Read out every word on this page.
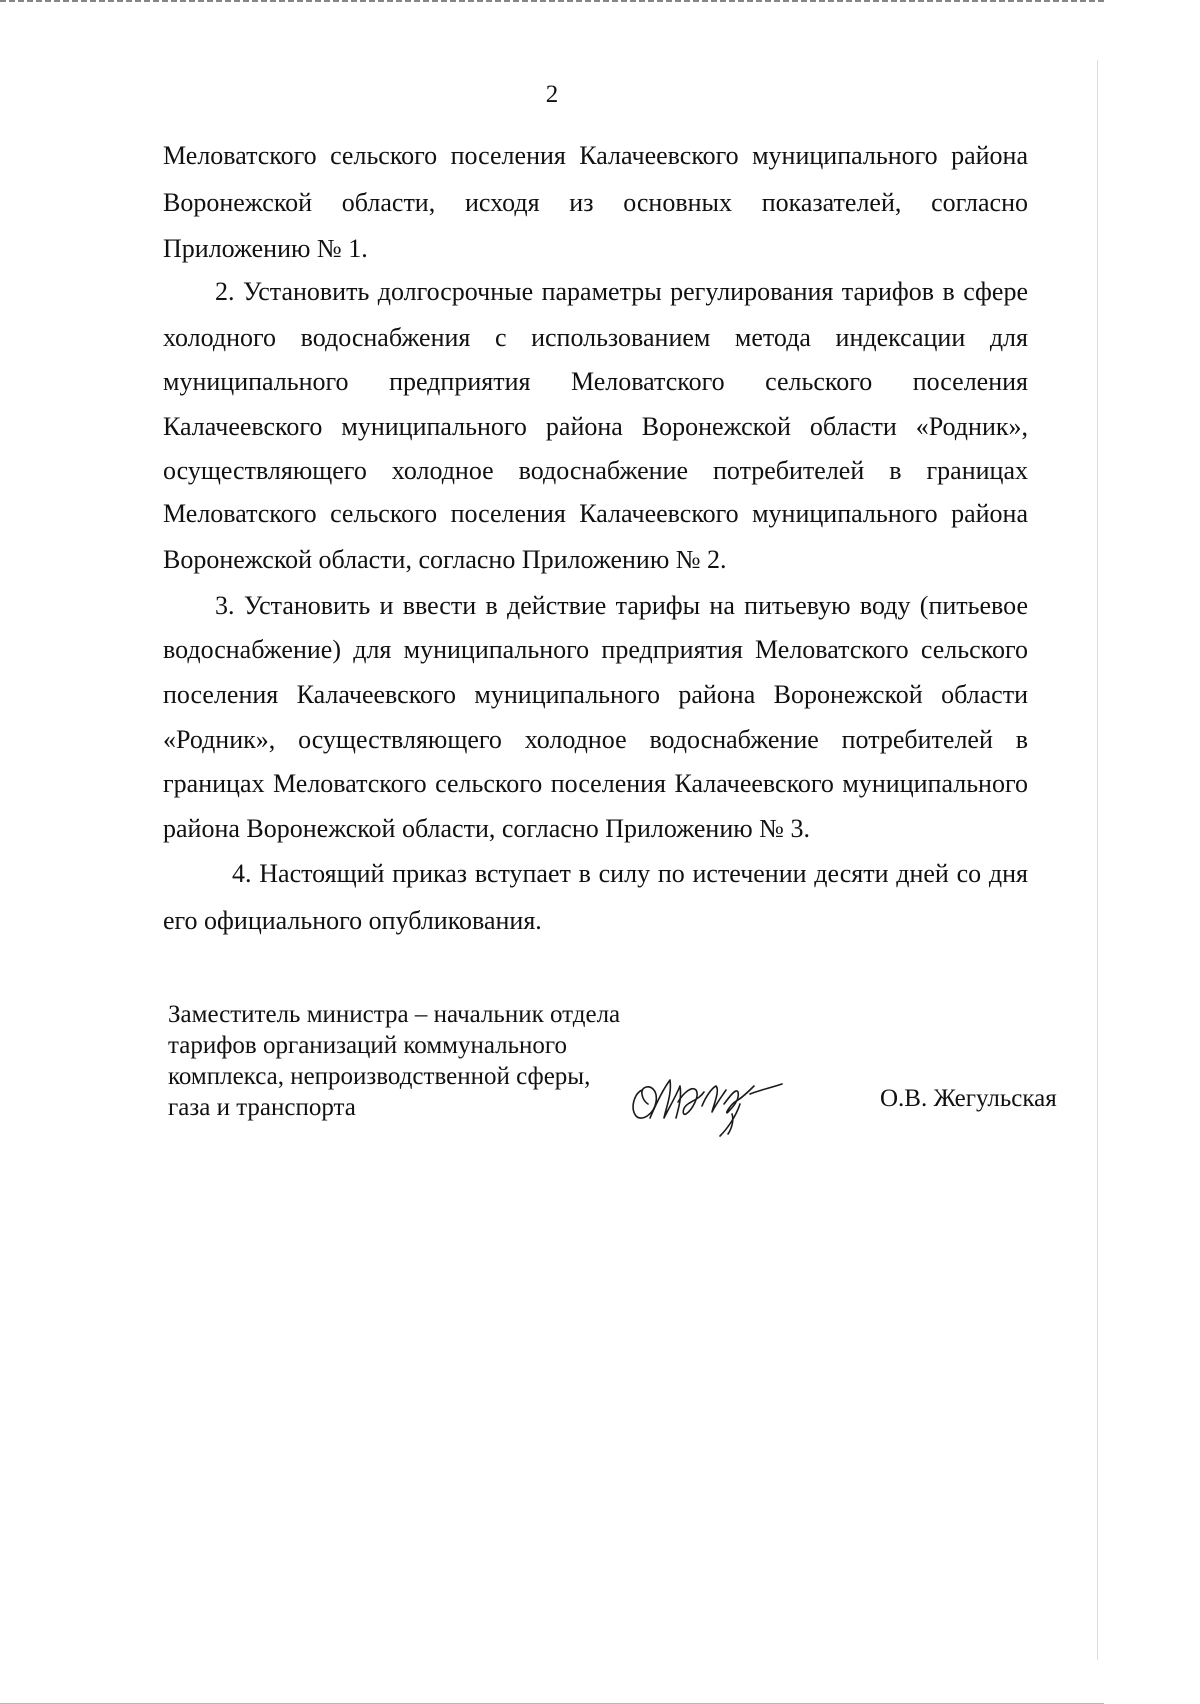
2
Меловатского сельского поселения Калачеевского муниципального района
Воронежской области, исходя из основных показателей, согласно
Приложению № 1.
2. Установить долгосрочные параметры регулирования тарифов в сфере
холодного водоснабжения с использованием метода индексации для
муниципального предприятия Меловатского сельского поселения
Калачеевского муниципального района Воронежской области «Родник»,
осуществляющего холодное водоснабжение потребителей в границах
Меловатского сельского поселения Калачеевского муниципального района
Воронежской области, согласно Приложению № 2.
3. Установить и ввести в действие тарифы на питьевую воду (питьевое
водоснабжение) для муниципального предприятия Меловатского сельского
поселения Калачеевского муниципального района Воронежской области
«Родник», осуществляющего холодное водоснабжение потребителей в
границах Меловатского сельского поселения Калачеевского муниципального
района Воронежской области, согласно Приложению № 3.
4. Настоящий приказ вступает в силу по истечении десяти дней со дня
его официального опубликования.
Заместитель министра – начальник отдела
тарифов организаций коммунального
комплекса, непроизводственной сферы,
газа и транспорта	О.В. Жегульская
